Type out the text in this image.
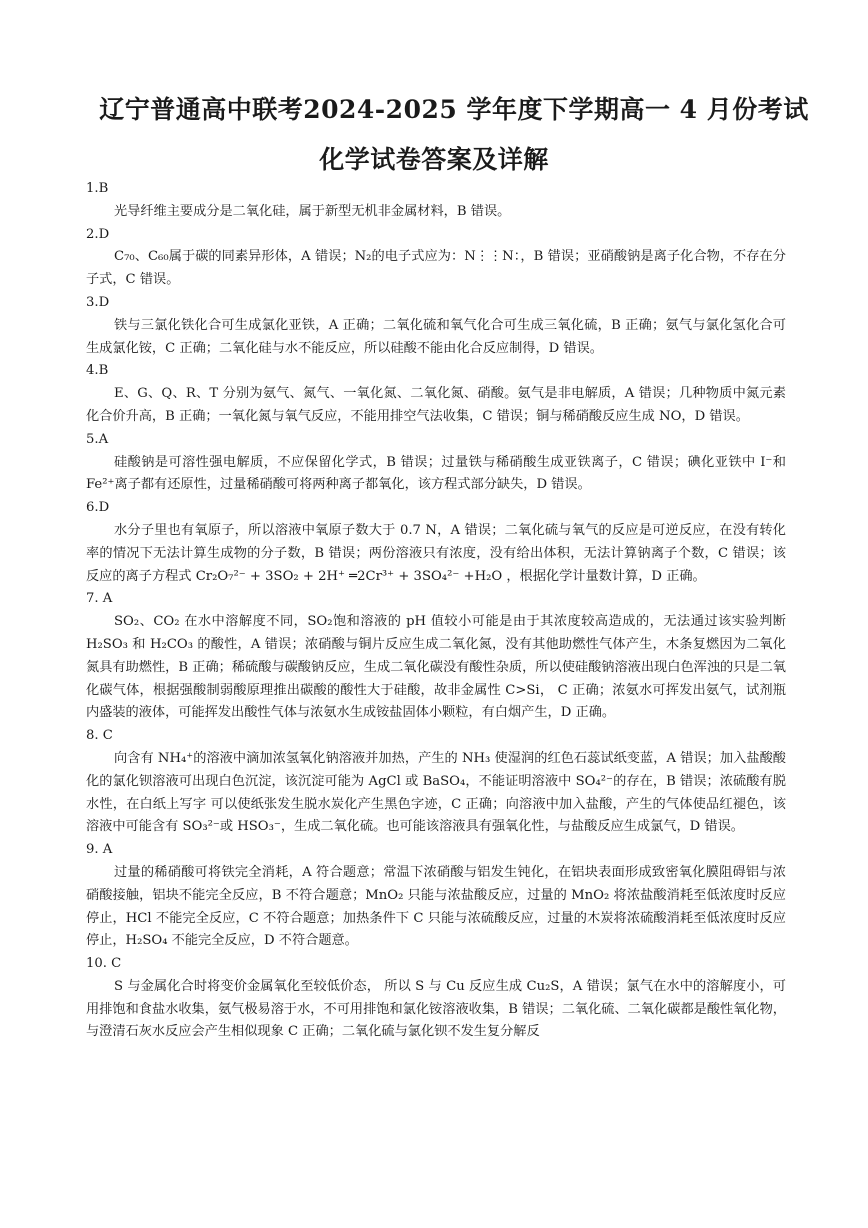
辽宁普通高中联考2024-2025 学年度下学期高一 4 月份考试
化学试卷答案及详解

1.B

光导纤维主要成分是二氧化硅，属于新型无机非金属材料，B 错误。

2.D

C₇₀、C₆₀属于碳的同素异形体，A 错误；N₂的电子式应为：N⋮⋮N：，B 错误；亚硝酸钠是离子化合物，不存在分子式，C 错误。

3.D

铁与三氯化铁化合可生成氯化亚铁，A 正确；二氧化硫和氧气化合可生成三氧化硫，B 正确；氨气与氯化氢化合可生成氯化铵，C 正确；二氧化硅与水不能反应，所以硅酸不能由化合反应制得，D 错误。

4.B

E、G、Q、R、T 分别为氨气、氮气、一氧化氮、二氧化氮、硝酸。氨气是非电解质，A 错误；几种物质中氮元素化合价升高，B 正确；一氧化氮与氧气反应，不能用排空气法收集，C 错误；铜与稀硝酸反应生成 NO，D 错误。

5.A

硅酸钠是可溶性强电解质，不应保留化学式，B 错误；过量铁与稀硝酸生成亚铁离子，C 错误；碘化亚铁中 I⁻和 Fe²⁺离子都有还原性，过量稀硝酸可将两种离子都氧化，该方程式部分缺失，D 错误。

6.D

水分子里也有氧原子，所以溶液中氧原子数大于 0.7 N，A 错误；二氧化硫与氧气的反应是可逆反应，在没有转化率的情况下无法计算生成物的分子数，B 错误；两份溶液只有浓度，没有给出体积，无法计算钠离子个数，C 错误；该反应的离子方程式 Cr₂O₇²⁻ + 3SO₂ + 2H⁺ ═2Cr³⁺ + 3SO₄²⁻ +H₂O ，根据化学计量数计算，D 正确。

7. A

SO₂、CO₂ 在水中溶解度不同，SO₂饱和溶液的 pH 值较小可能是由于其浓度较高造成的，无法通过该实验判断 H₂SO₃ 和 H₂CO₃ 的酸性，A 错误；浓硝酸与铜片反应生成二氧化氮，没有其他助燃性气体产生，木条复燃因为二氧化氮具有助燃性，B 正确；稀硫酸与碳酸钠反应，生成二氧化碳没有酸性杂质，所以使硅酸钠溶液出现白色浑浊的只是二氧化碳气体，根据强酸制弱酸原理推出碳酸的酸性大于硅酸，故非金属性 C>Si， C 正确；浓氨水可挥发出氨气，试剂瓶内盛装的液体，可能挥发出酸性气体与浓氨水生成铵盐固体小颗粒，有白烟产生，D 正确。

8. C

向含有 NH₄⁺的溶液中滴加浓氢氧化钠溶液并加热，产生的 NH₃ 使湿润的红色石蕊试纸变蓝，A 错误；加入盐酸酸化的氯化钡溶液可出现白色沉淀，该沉淀可能为 AgCl 或 BaSO₄，不能证明溶液中 SO₄²⁻的存在，B 错误；浓硫酸有脱水性，在白纸上写字 可以使纸张发生脱水炭化产生黑色字迹，C 正确；向溶液中加入盐酸，产生的气体使品红褪色，该溶液中可能含有 SO₃²⁻或 HSO₃⁻，生成二氧化硫。也可能该溶液具有强氧化性，与盐酸反应生成氯气，D 错误。

9. A

过量的稀硝酸可将铁完全消耗，A 符合题意；常温下浓硝酸与铝发生钝化，在铝块表面形成致密氧化膜阻碍铝与浓硝酸接触，铝块不能完全反应，B 不符合题意；MnO₂ 只能与浓盐酸反应，过量的 MnO₂ 将浓盐酸消耗至低浓度时反应停止，HCl 不能完全反应，C 不符合题意；加热条件下 C 只能与浓硫酸反应，过量的木炭将浓硫酸消耗至低浓度时反应停止，H₂SO₄ 不能完全反应，D 不符合题意。

10. C

S 与金属化合时将变价金属氧化至较低价态， 所以 S 与 Cu 反应生成 Cu₂S，A 错误；氯气在水中的溶解度小，可用排饱和食盐水收集，氨气极易溶于水，不可用排饱和氯化铵溶液收集，B 错误；二氧化硫、二氧化碳都是酸性氧化物，与澄清石灰水反应会产生相似现象 C 正确；二氧化硫与氯化钡不发生复分解反
